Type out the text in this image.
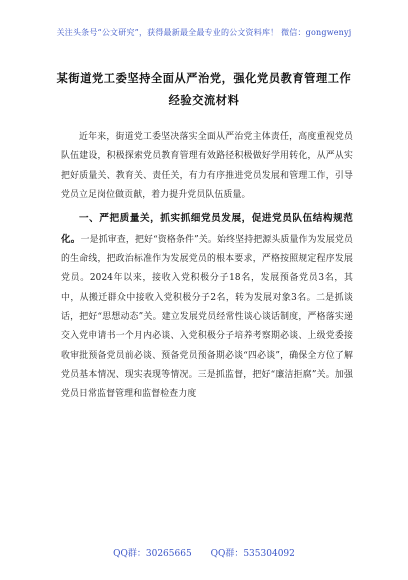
关注头条号“公文研究”，获得最新最全最专业的公文资料库！ 微信：gongwenyj
某街道党工委坚持全面从严治党，强化党员教育管理工作
经验交流材料

近年来，街道党工委坚决落实全面从严治党主体责任，高度重视党员队伍建设，积极探索党员教育管理有效路径积极做好学用转化，从严从实把好质量关、教育关、责任关，有力有序推进党员发展和管理工作，引导党员立足岗位做贡献，着力提升党员队伍质量。

一、严把质量关，抓实抓细党员发展，促进党员队伍结构规范化。一是抓审查，把好“资格条件”关。始终坚持把源头质量作为发展党员的生命线，把政治标准作为发展党员的根本要求，严格按照规定程序发展党员。2024年以来，接收入党积极分子18名，发展预备党员3名，其中，从搬迁群众中接收入党积极分子2名，转为发展对象3名。二是抓谈话，把好“思想动态”关。建立发展党员经常性谈心谈话制度，严格落实递交入党申请书一个月内必谈、入党积极分子培养考察期必谈、上级党委接收审批预备党员前必谈、预备党员预备期必谈“四必谈”，确保全方位了解党员基本情况、现实表现等情况。三是抓监督，把好“廉洁拒腐”关。加强党员日常监督管理和监督检查力度

QQ群：30265665 QQ群：535304092
